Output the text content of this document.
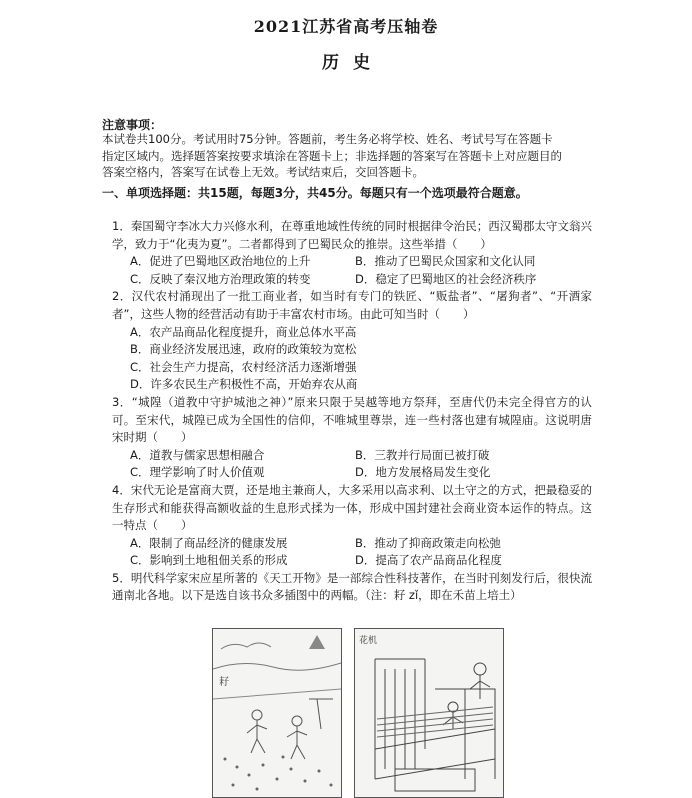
2021江苏省高考压轴卷
历史
注意事项：
本试卷共100分。考试用时75分钟。答题前，考生务必将学校、姓名、考试号写在答题卡
指定区域内。选择题答案按要求填涂在答题卡上；非选择题的答案写在答题卡上对应题目的
答案空格内，答案写在试卷上无效。考试结束后，交回答题卡。
一、单项选择题：共15题，每题3分，共45分。每题只有一个选项最符合题意。

1．秦国蜀守李冰大力兴修水利，在尊重地域性传统的同时根据律令治民；西汉蜀郡太守文翁兴学，致力于“化夷为夏”。二者都得到了巴蜀民众的推崇。这些举措（　　）

A．促进了巴蜀地区政治地位的上升	B．推动了巴蜀民众国家和文化认同
C．反映了秦汉地方治理政策的转变	D．稳定了巴蜀地区的社会经济秩序

2．汉代农村涌现出了一批工商业者，如当时有专门的铁匠、“贩盐者”、“屠狗者”、“开酒家者”，这些人物的经营活动有助于丰富农村市场。由此可知当时（　　）

A．农产品商品化程度提升，商业总体水平高
B．商业经济发展迅速，政府的政策较为宽松
C．社会生产力提高，农村经济活力逐渐增强
D．许多农民生产积极性不高，开始弃农从商

3．“城隍（道教中守护城池之神）”原来只限于吴越等地方祭拜，至唐代仍未完全得官方的认可。至宋代，城隍已成为全国性的信仰，不唯城里尊崇，连一些村落也建有城隍庙。这说明唐宋时期（　　）

A．道教与儒家思想相融合	B．三教并行局面已被打破
C．理学影响了时人价值观	D．地方发展格局发生变化

4．宋代无论是富商大贾，还是地主兼商人，大多采用以高求利、以土守之的方式，把最稳妥的生存形式和能获得高额收益的生息形式揉为一体，形成中国封建社会商业资本运作的特点。这一特点（　　）

A．限制了商品经济的健康发展	B．推动了抑商政策走向松弛
C．影响到土地租佃关系的形成	D．提高了农产品商品化程度

5．明代科学家宋应星所著的《天工开物》是一部综合性科技著作，在当时刊刻发行后，很快流通南北各地。以下是选自该书众多插图中的两幅。（注：耔 zǐ，即在禾苗上培土）

耔
花机
